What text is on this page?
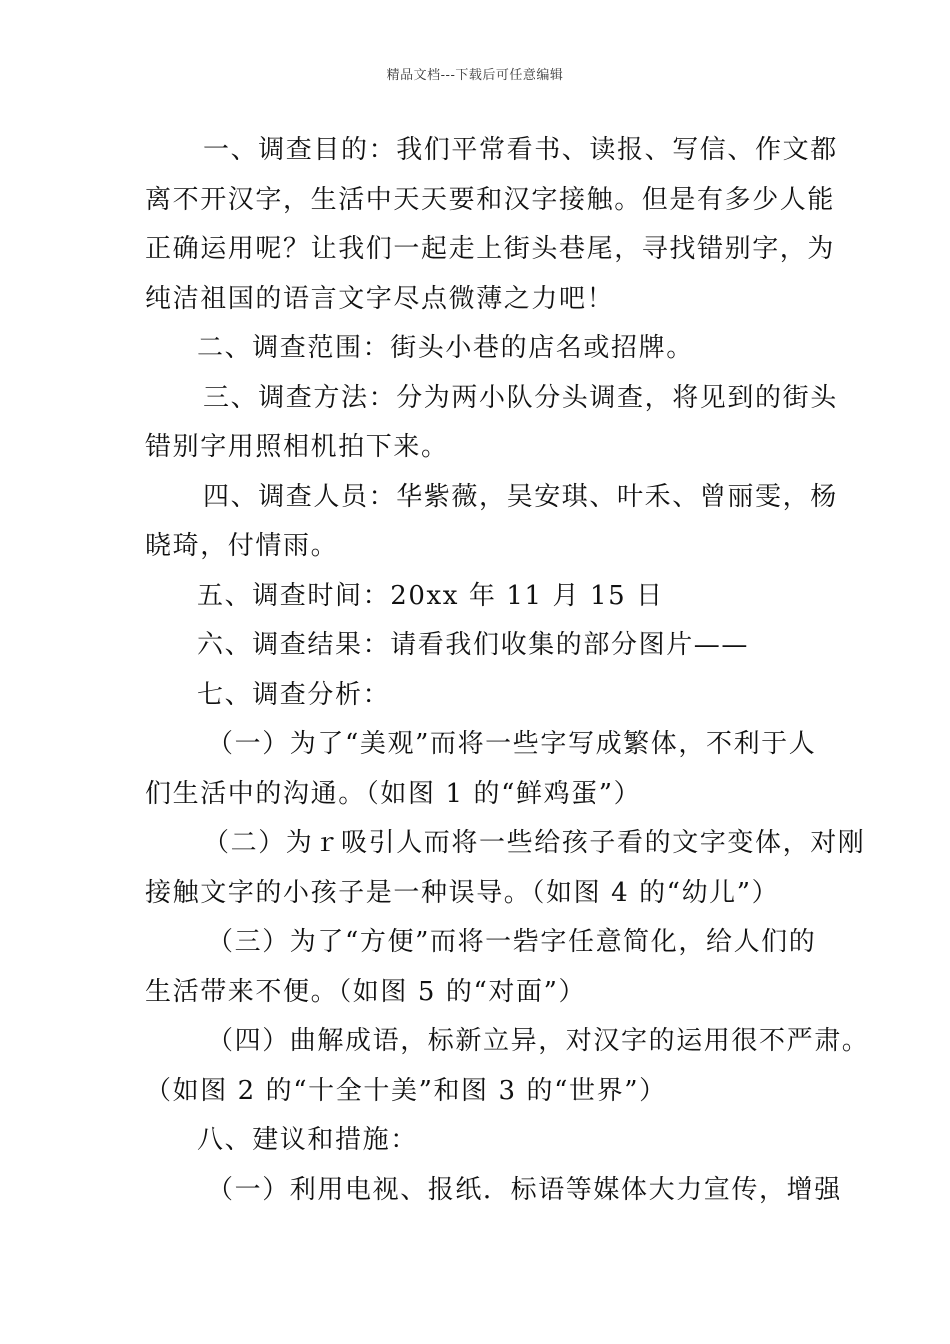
精品文档---下载后可任意编辑
一、调查目的：我们平常看书、读报、写信、作文都
离不开汉字，生活中天天要和汉字接触。但是有多少人能
正确运用呢？让我们一起走上街头巷尾，寻找错别字，为
纯洁祖国的语言文字尽点微薄之力吧！
二、调查范围：街头小巷的店名或招牌。
三、调查方法：分为两小队分头调查，将见到的街头
错别字用照相机拍下来。
四、调查人员：华紫薇，吴安琪、叶禾、曾丽雯，杨
晓琦，付情雨。
五、调查时间：20xx 年 11 月 15 日
六、调查结果：请看我们收集的部分图片——
七、调查分析：
（一）为了“美观”而将一些字写成繁体，不利于人
们生活中的沟通。（如图 1 的“鲜鸡蛋”）
（二）为ｒ吸引人而将一些给孩子看的文字变体，对刚
接触文字的小孩子是一种误导。（如图 4 的“幼儿”）
（三）为了“方便”而将一砦字任意简化，给人们的
生活带来不便。（如图 5 的“对面”）
（四）曲解成语，标新立异，对汉字的运用很不严肃。
（如图 2 的“十全十美”和图 3 的“世界”）
八、建议和措施：
（一）利用电视、报纸．标语等媒体大力宣传，增强
